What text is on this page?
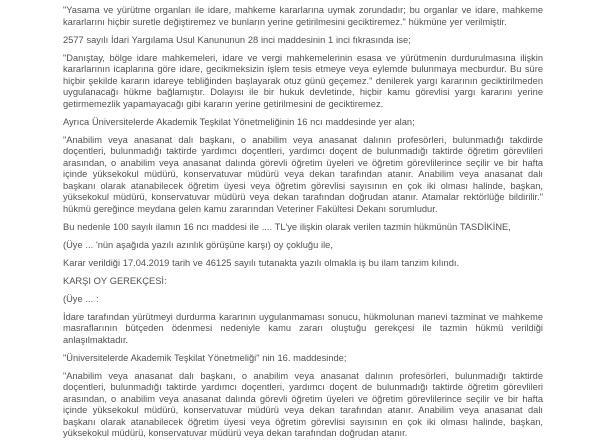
"Yasama ve yürütme organları ile idare, mahkeme kararlarına uymak zorundadır; bu organlar ve idare, mahkeme kararlarını hiçbir suretle değiştiremez ve bunların yerine getirilmesini geciktiremez." hükmüne yer verilmiştir.

2577 sayılı İdari Yargılama Usul Kanununun 28 inci maddesinin 1 inci fıkrasında ise;

"Danıştay, bölge idare mahkemeleri, idare ve vergi mahkemelerinin esasa ve yürütmenin durdurulmasına ilişkin kararlarının icaplarına göre idare, gecikmeksizin işlem tesis etmeye veya eylemde bulunmaya mecburdur. Bu süre hiçbir şekilde kararın idareye tebliğinden başlayarak otuz günü geçemez." denilerek yargı kararının geciktirilmeden uygulanacağı hükme bağlamıştır. Dolayısı ile bir hukuk devletinde, hiçbir kamu görevlisi yargı kararını yerine getirmemezlik yapamayacağı gibi kararın yerine getirilmesini de geciktiremez.

Ayrıca Üniversitelerde Akademik Teşkilat Yönetmeliğinin 16 ncı maddesinde yer alan;

"Anabilim veya anasanat dalı başkanı, o anabilim veya anasanat dalının profesörleri, bulunmadığı takdirde doçentleri, bulunmadığı taktirde yardımcı doçentleri, yardımcı doçent de bulunmadığı taktirde öğretim görevlileri arasından, o anabilim veya anasanat dalında görevli öğretim üyeleri ve öğretim görevlilerince seçilir ve bir hafta içinde yüksekokul müdürü, konservatuvar müdürü veya dekan tarafından atanır. Anabilim veya anasanat dalı başkanı olarak atanabilecek öğretim üyesi veya öğretim görevlisi sayısının en çok iki olması halinde, başkan, yüksekokul müdürü, konservatuvar müdürü veya dekan tarafından doğrudan atanır. Atamalar rektörlüğe bildirilir." hükmü gereğince meydana gelen kamu zararından Veteriner Fakültesi Dekanı sorumludur.

Bu nedenle 100 sayılı ilamın 16 ncı maddesi ile .... TL'ye ilişkin olarak verilen tazmin hükmünün TASDİKİNE,

(Üye ... 'nün aşağıda yazılı azınlık görüşüne karşı) oy çokluğu ile,

Karar verildiği 17.04.2019 tarih ve 46125 sayılı tutanakta yazılı olmakla iş bu ilam tanzim kılındı.

KARŞI OY GEREKÇESİ:

(Üye ... :

İdare tarafından yürütmeyi durdurma kararının uygulanmaması sonucu, hükmolunan manevi tazminat ve mahkeme masraflarının bütçeden ödenmesi nedeniyle kamu zararı oluştuğu gerekçesi ile tazmin hükmü verildiği anlaşılmaktadır.

"Üniversitelerde Akademik Teşkilat Yönetmeliği" nin 16. maddesinde;

"Anabilim veya anasanat dalı başkanı, o anabilim veya anasanat dalının profesörleri, bulunmadığı taktirde doçentleri, bulunmadığı taktirde yardımcı doçentleri, yardımcı doçent de bulunmadığı taktirde öğretim görevlileri arasından, o anabilim veya anasanat dalında görevli öğretim üyeleri ve öğretim görevlilerince seçilir ve bir hafta içinde yüksekokul müdürü, konservatuvar müdürü veya dekan tarafından atanır. Anabilim veya anasanat dalı başkanı olarak atanabilecek öğretim üyesi veya öğretim görevlisi sayısının en çok iki olması halinde, başkan, yüksekokul müdürü, konservatuvar müdürü veya dekan tarafından doğrudan atanır.
